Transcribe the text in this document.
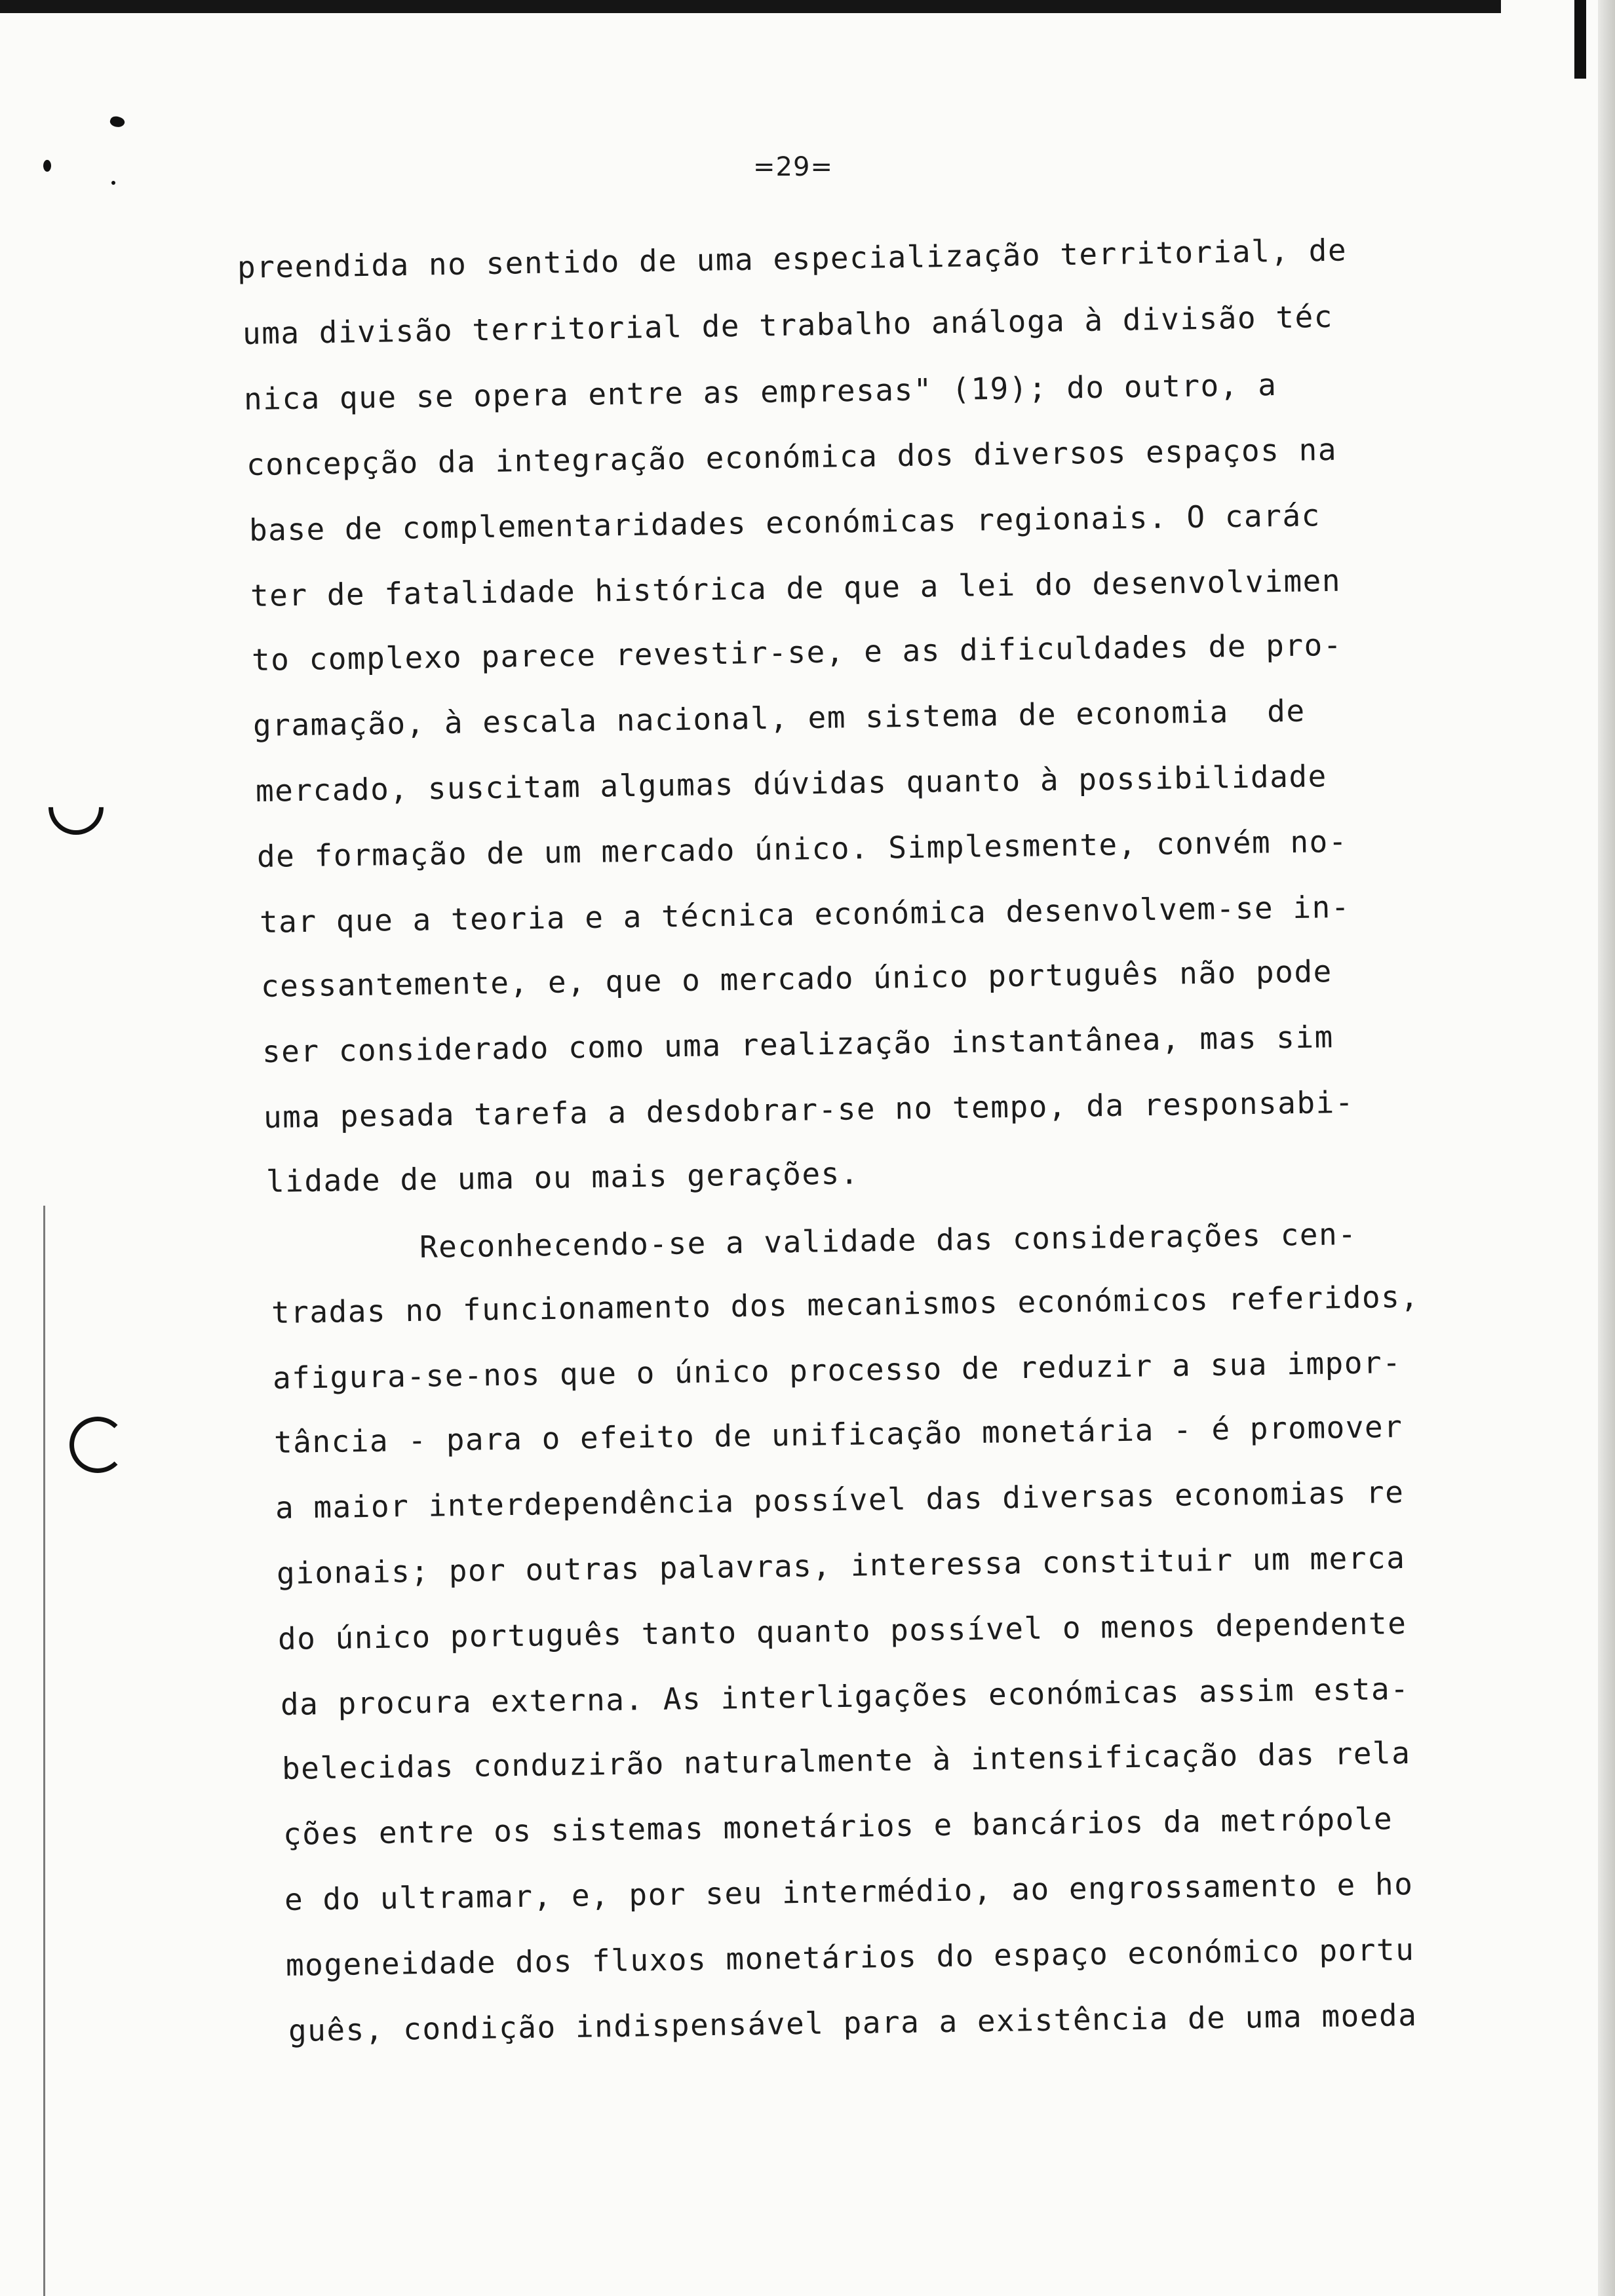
=29=
preendida no sentido de uma especialização territorial, de
uma divisão territorial de trabalho análoga à divisão téc
nica que se opera entre as empresas" (19); do outro, a
concepção da integração económica dos diversos espaços na
base de complementaridades económicas regionais. O carác
ter de fatalidade histórica de que a lei do desenvolvimen
to complexo parece revestir-se, e as dificuldades de pro-
gramação, à escala nacional, em sistema de economia  de
mercado, suscitam algumas dúvidas quanto à possibilidade
de formação de um mercado único. Simplesmente, convém no-
tar que a teoria e a técnica económica desenvolvem-se in-
cessantemente, e, que o mercado único português não pode
ser considerado como uma realização instantânea, mas sim
uma pesada tarefa a desdobrar-se no tempo, da responsabi-
lidade de uma ou mais gerações.
Reconhecendo-se a validade das considerações cen-
tradas no funcionamento dos mecanismos económicos referidos,
afigura-se-nos que o único processo de reduzir a sua impor-
tância - para o efeito de unificação monetária - é promover
a maior interdependência possível das diversas economias re
gionais; por outras palavras, interessa constituir um merca
do único português tanto quanto possível o menos dependente
da procura externa. As interligações económicas assim esta-
belecidas conduzirão naturalmente à intensificação das rela
ções entre os sistemas monetários e bancários da metrópole
e do ultramar, e, por seu intermédio, ao engrossamento e ho
mogeneidade dos fluxos monetários do espaço económico portu
guês, condição indispensável para a existência de uma moeda
